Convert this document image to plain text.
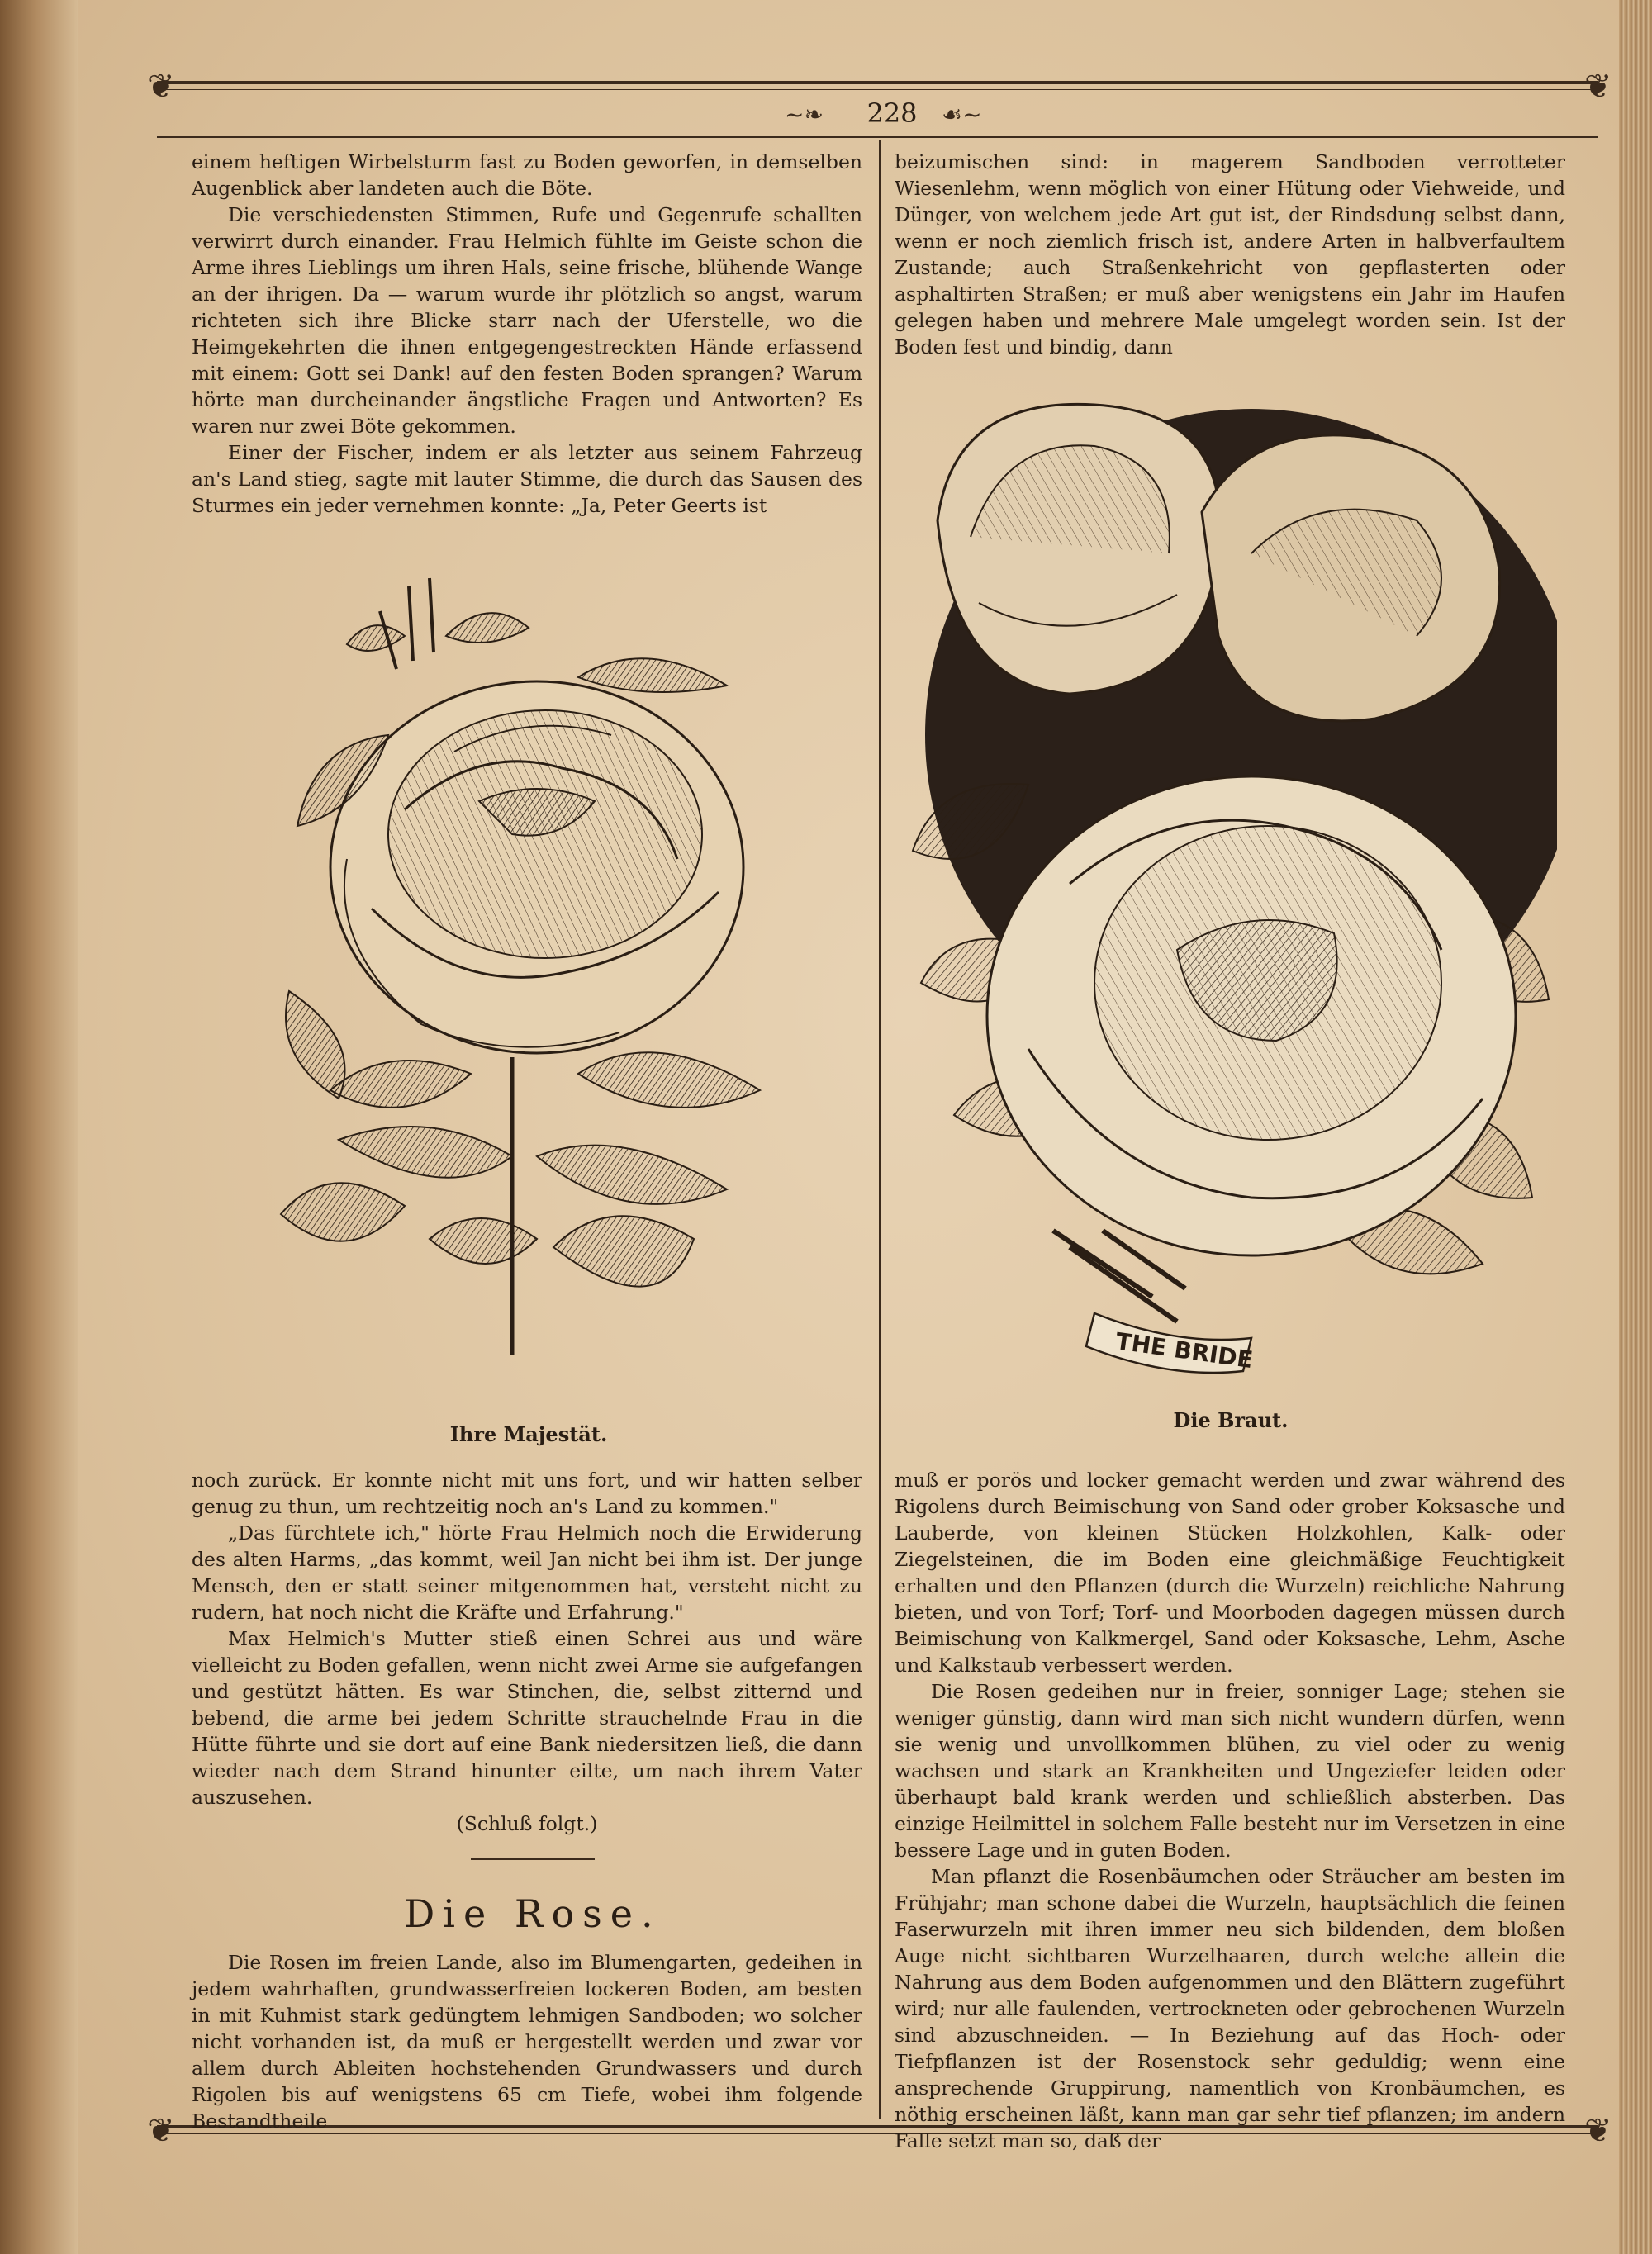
❦	❦
❦	❦
~❧	228	☙~

einem heftigen Wirbelsturm fast zu Boden geworfen, in demselben Augenblick aber landeten auch die Böte.

Die verschiedensten Stimmen, Rufe und Gegenrufe schallten verwirrt durch einander. Frau Helmich fühlte im Geiste schon die Arme ihres Lieblings um ihren Hals, seine frische, blühende Wange an der ihrigen. Da — warum wurde ihr plötzlich so angst, warum richteten sich ihre Blicke starr nach der Uferstelle, wo die Heimgekehrten die ihnen entgegengestreckten Hände erfassend mit einem: Gott sei Dank! auf den festen Boden sprangen? Warum hörte man durcheinander ängstliche Fragen und Antworten? Es waren nur zwei Böte gekommen.

Einer der Fischer, indem er als letzter aus seinem Fahrzeug an's Land stieg, sagte mit lauter Stimme, die durch das Sausen des Sturmes ein jeder vernehmen konnte: „Ja, Peter Geerts ist

Ihre Majestät.

noch zurück. Er konnte nicht mit uns fort, und wir hatten selber genug zu thun, um rechtzeitig noch an's Land zu kommen."

„Das fürchtete ich," hörte Frau Helmich noch die Erwiderung des alten Harms, „das kommt, weil Jan nicht bei ihm ist. Der junge Mensch, den er statt seiner mitgenommen hat, versteht nicht zu rudern, hat noch nicht die Kräfte und Erfahrung."

Max Helmich's Mutter stieß einen Schrei aus und wäre vielleicht zu Boden gefallen, wenn nicht zwei Arme sie aufgefangen und gestützt hätten. Es war Stinchen, die, selbst zitternd und bebend, die arme bei jedem Schritte strauchelnde Frau in die Hütte führte und sie dort auf eine Bank niedersitzen ließ, die dann wieder nach dem Strand hinunter eilte, um nach ihrem Vater auszusehen.

(Schluß folgt.)

Die Rose.

Die Rosen im freien Lande, also im Blumengarten, gedeihen in jedem wahrhaften, grundwasserfreien lockeren Boden, am besten in mit Kuhmist stark gedüngtem lehmigen Sandboden; wo solcher nicht vorhanden ist, da muß er hergestellt werden und zwar vor allem durch Ableiten hochstehenden Grundwassers und durch Rigolen bis auf wenigstens 65 cm Tiefe, wobei ihm folgende Bestandtheile

beizumischen sind: in magerem Sandboden verrotteter Wiesenlehm, wenn möglich von einer Hütung oder Viehweide, und Dünger, von welchem jede Art gut ist, der Rindsdung selbst dann, wenn er noch ziemlich frisch ist, andere Arten in halbverfaultem Zustande; auch Straßenkehricht von gepflasterten oder asphaltirten Straßen; er muß aber wenigstens ein Jahr im Haufen gelegen haben und mehrere Male umgelegt worden sein. Ist der Boden fest und bindig, dann

THE BRIDE
Die Braut.

muß er porös und locker gemacht werden und zwar während des Rigolens durch Beimischung von Sand oder grober Koksasche und Lauberde, von kleinen Stücken Holzkohlen, Kalk- oder Ziegelsteinen, die im Boden eine gleichmäßige Feuchtigkeit erhalten und den Pflanzen (durch die Wurzeln) reichliche Nahrung bieten, und von Torf; Torf- und Moorboden dagegen müssen durch Beimischung von Kalkmergel, Sand oder Koksasche, Lehm, Asche und Kalkstaub verbessert werden.

Die Rosen gedeihen nur in freier, sonniger Lage; stehen sie weniger günstig, dann wird man sich nicht wundern dürfen, wenn sie wenig und unvollkommen blühen, zu viel oder zu wenig wachsen und stark an Krankheiten und Ungeziefer leiden oder überhaupt bald krank werden und schließlich absterben. Das einzige Heilmittel in solchem Falle besteht nur im Versetzen in eine bessere Lage und in guten Boden.

Man pflanzt die Rosenbäumchen oder Sträucher am besten im Frühjahr; man schone dabei die Wurzeln, hauptsächlich die feinen Faserwurzeln mit ihren immer neu sich bildenden, dem bloßen Auge nicht sichtbaren Wurzelhaaren, durch welche allein die Nahrung aus dem Boden aufgenommen und den Blättern zugeführt wird; nur alle faulenden, vertrockneten oder gebrochenen Wurzeln sind abzuschneiden. — In Beziehung auf das Hoch- oder Tiefpflanzen ist der Rosenstock sehr geduldig; wenn eine ansprechende Gruppirung, namentlich von Kronbäumchen, es nöthig erscheinen läßt, kann man gar sehr tief pflanzen; im andern Falle setzt man so, daß der
